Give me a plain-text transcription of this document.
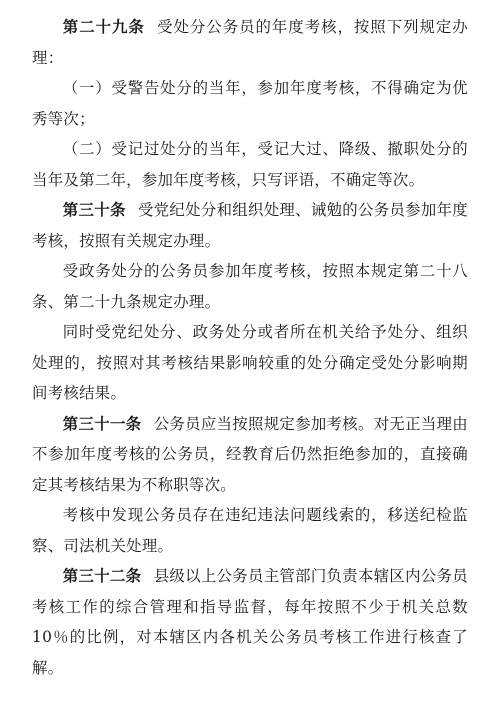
第二十九条 受处分公务员的年度考核，按照下列规定办理：

（一）受警告处分的当年，参加年度考核，不得确定为优秀等次；

（二）受记过处分的当年，受记大过、降级、撤职处分的当年及第二年，参加年度考核，只写评语，不确定等次。

第三十条 受党纪处分和组织处理、诫勉的公务员参加年度考核，按照有关规定办理。

受政务处分的公务员参加年度考核，按照本规定第二十八条、第二十九条规定办理。

同时受党纪处分、政务处分或者所在机关给予处分、组织处理的，按照对其考核结果影响较重的处分确定受处分影响期间考核结果。

第三十一条 公务员应当按照规定参加考核。对无正当理由不参加年度考核的公务员，经教育后仍然拒绝参加的，直接确定其考核结果为不称职等次。

考核中发现公务员存在违纪违法问题线索的，移送纪检监察、司法机关处理。

第三十二条 县级以上公务员主管部门负责本辖区内公务员考核工作的综合管理和指导监督，每年按照不少于机关总数10％的比例，对本辖区内各机关公务员考核工作进行核查了解。
